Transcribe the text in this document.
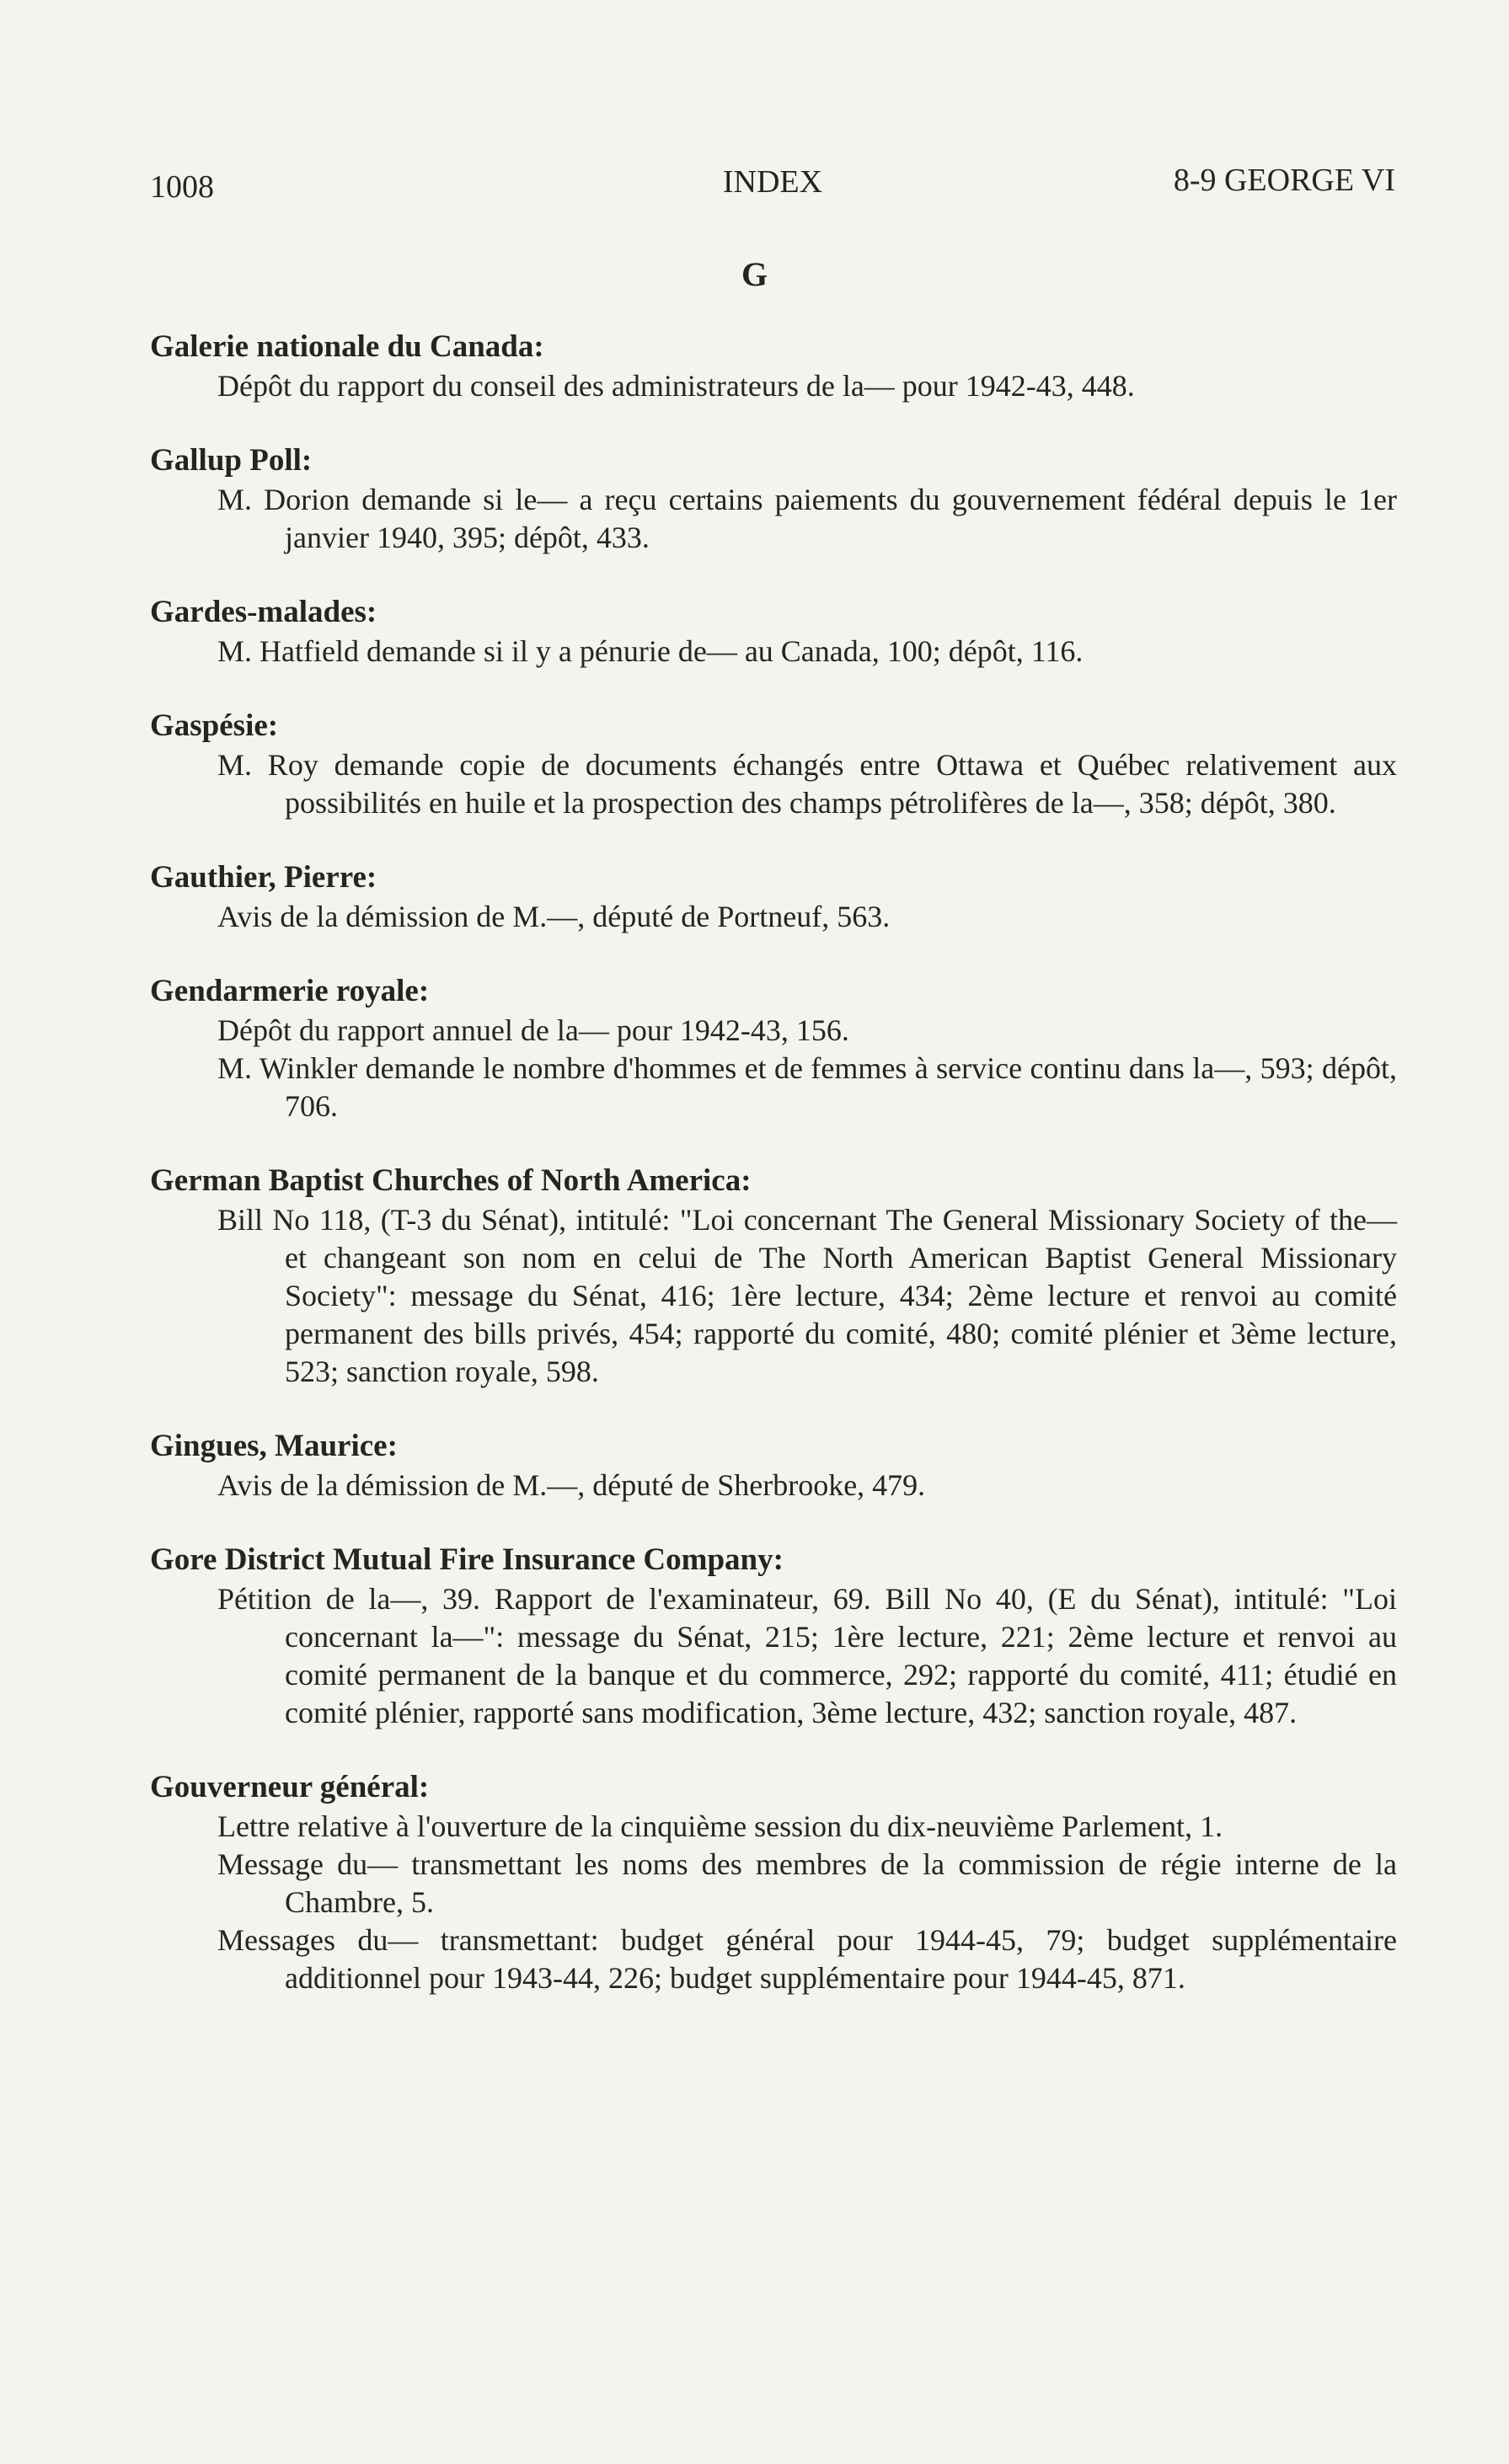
1008	INDEX	8-9 GEORGE VI
G
Galerie nationale du Canada:
Dépôt du rapport du conseil des administrateurs de la— pour 1942-43, 448.
Gallup Poll:
M. Dorion demande si le— a reçu certains paiements du gouvernement fédéral depuis le 1er janvier 1940, 395; dépôt, 433.
Gardes-malades:
M. Hatfield demande si il y a pénurie de— au Canada, 100; dépôt, 116.
Gaspésie:
M. Roy demande copie de documents échangés entre Ottawa et Québec relativement aux possibilités en huile et la prospection des champs pétrolifères de la—, 358; dépôt, 380.
Gauthier, Pierre:
Avis de la démission de M.—, député de Portneuf, 563.
Gendarmerie royale:
Dépôt du rapport annuel de la— pour 1942-43, 156.
M. Winkler demande le nombre d'hommes et de femmes à service continu dans la—, 593; dépôt, 706.
German Baptist Churches of North America:
Bill No 118, (T-3 du Sénat), intitulé: "Loi concernant The General Missionary Society of the— et changeant son nom en celui de The North American Baptist General Missionary Society": message du Sénat, 416; 1ère lecture, 434; 2ème lecture et renvoi au comité permanent des bills privés, 454; rapporté du comité, 480; comité plénier et 3ème lecture, 523; sanction royale, 598.
Gingues, Maurice:
Avis de la démission de M.—, député de Sherbrooke, 479.
Gore District Mutual Fire Insurance Company:
Pétition de la—, 39. Rapport de l'examinateur, 69. Bill No 40, (E du Sénat), intitulé: "Loi concernant la—": message du Sénat, 215; 1ère lecture, 221; 2ème lecture et renvoi au comité permanent de la banque et du commerce, 292; rapporté du comité, 411; étudié en comité plénier, rapporté sans modification, 3ème lecture, 432; sanction royale, 487.
Gouverneur général:
Lettre relative à l'ouverture de la cinquième session du dix-neuvième Parlement, 1.
Message du— transmettant les noms des membres de la commission de régie interne de la Chambre, 5.
Messages du— transmettant: budget général pour 1944-45, 79; budget supplémentaire additionnel pour 1943-44, 226; budget supplémentaire pour 1944-45, 871.
